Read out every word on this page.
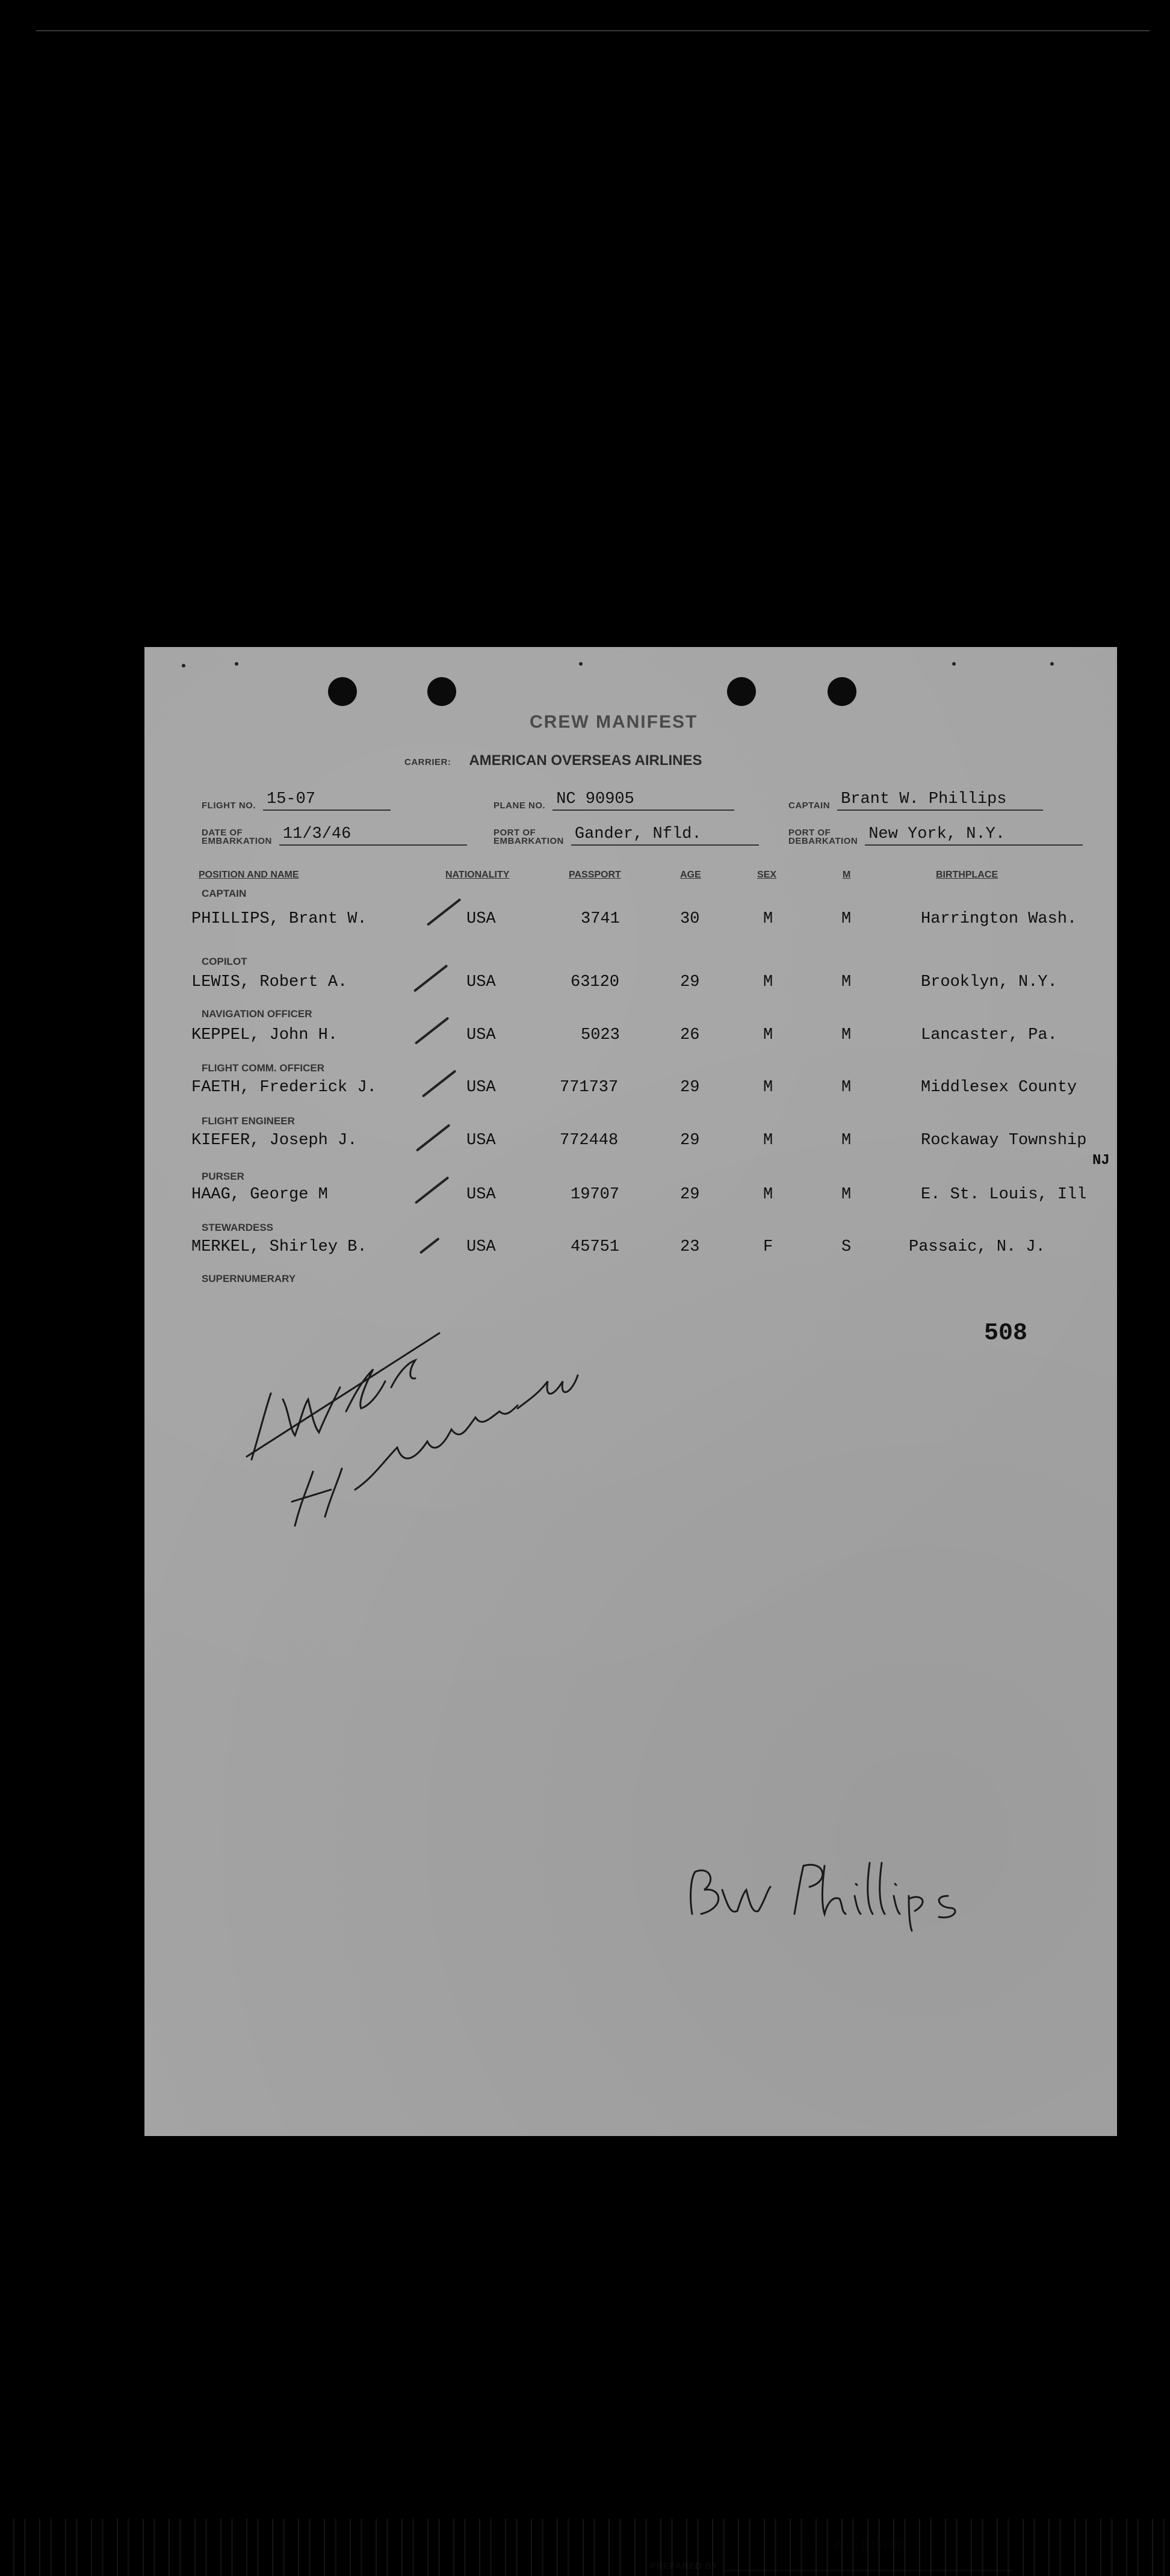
CREW MANIFEST
CARRIER: AMERICAN OVERSEAS AIRLINES
FLIGHT NO. 15-07	PLANE NO. NC 90905	CAPTAIN Brant W. Phillips
DATE OF
EMBARKATION 11/3/46	PORT OF
EMBARKATION Gander, Nfld.	PORT OF
DEBARKATION New York, N.Y.
POSITION AND NAME	NATIONALITY	PASSPORT	AGE	SEX	M	BIRTHPLACE
CAPTAIN
PHILLIPS, Brant W.	USA	3741	30	M	M	Harrington Wash.
COPILOT
LEWIS, Robert A.	USA	63120	29	M	M	Brooklyn, N.Y.
NAVIGATION OFFICER
KEPPEL, John H.	USA	5023	26	M	M	Lancaster, Pa.
FLIGHT COMM. OFFICER
FAETH, Frederick J.	USA	771737	29	M	M	Middlesex County
FLIGHT ENGINEER
KIEFER, Joseph J.	USA	772448	29	M	M	Rockaway Township
NJ
PURSER
HAAG, George M	USA	19707	29	M	M	E. St. Louis, Ill
STEWARDESS
MERKEL, Shirley B.	USA	45751	23	F	S	Passaic, N. J.
SUPERNUMERARY
508
I W Kent Cons
H.I. Crandall Insp
B.W. Phillips
